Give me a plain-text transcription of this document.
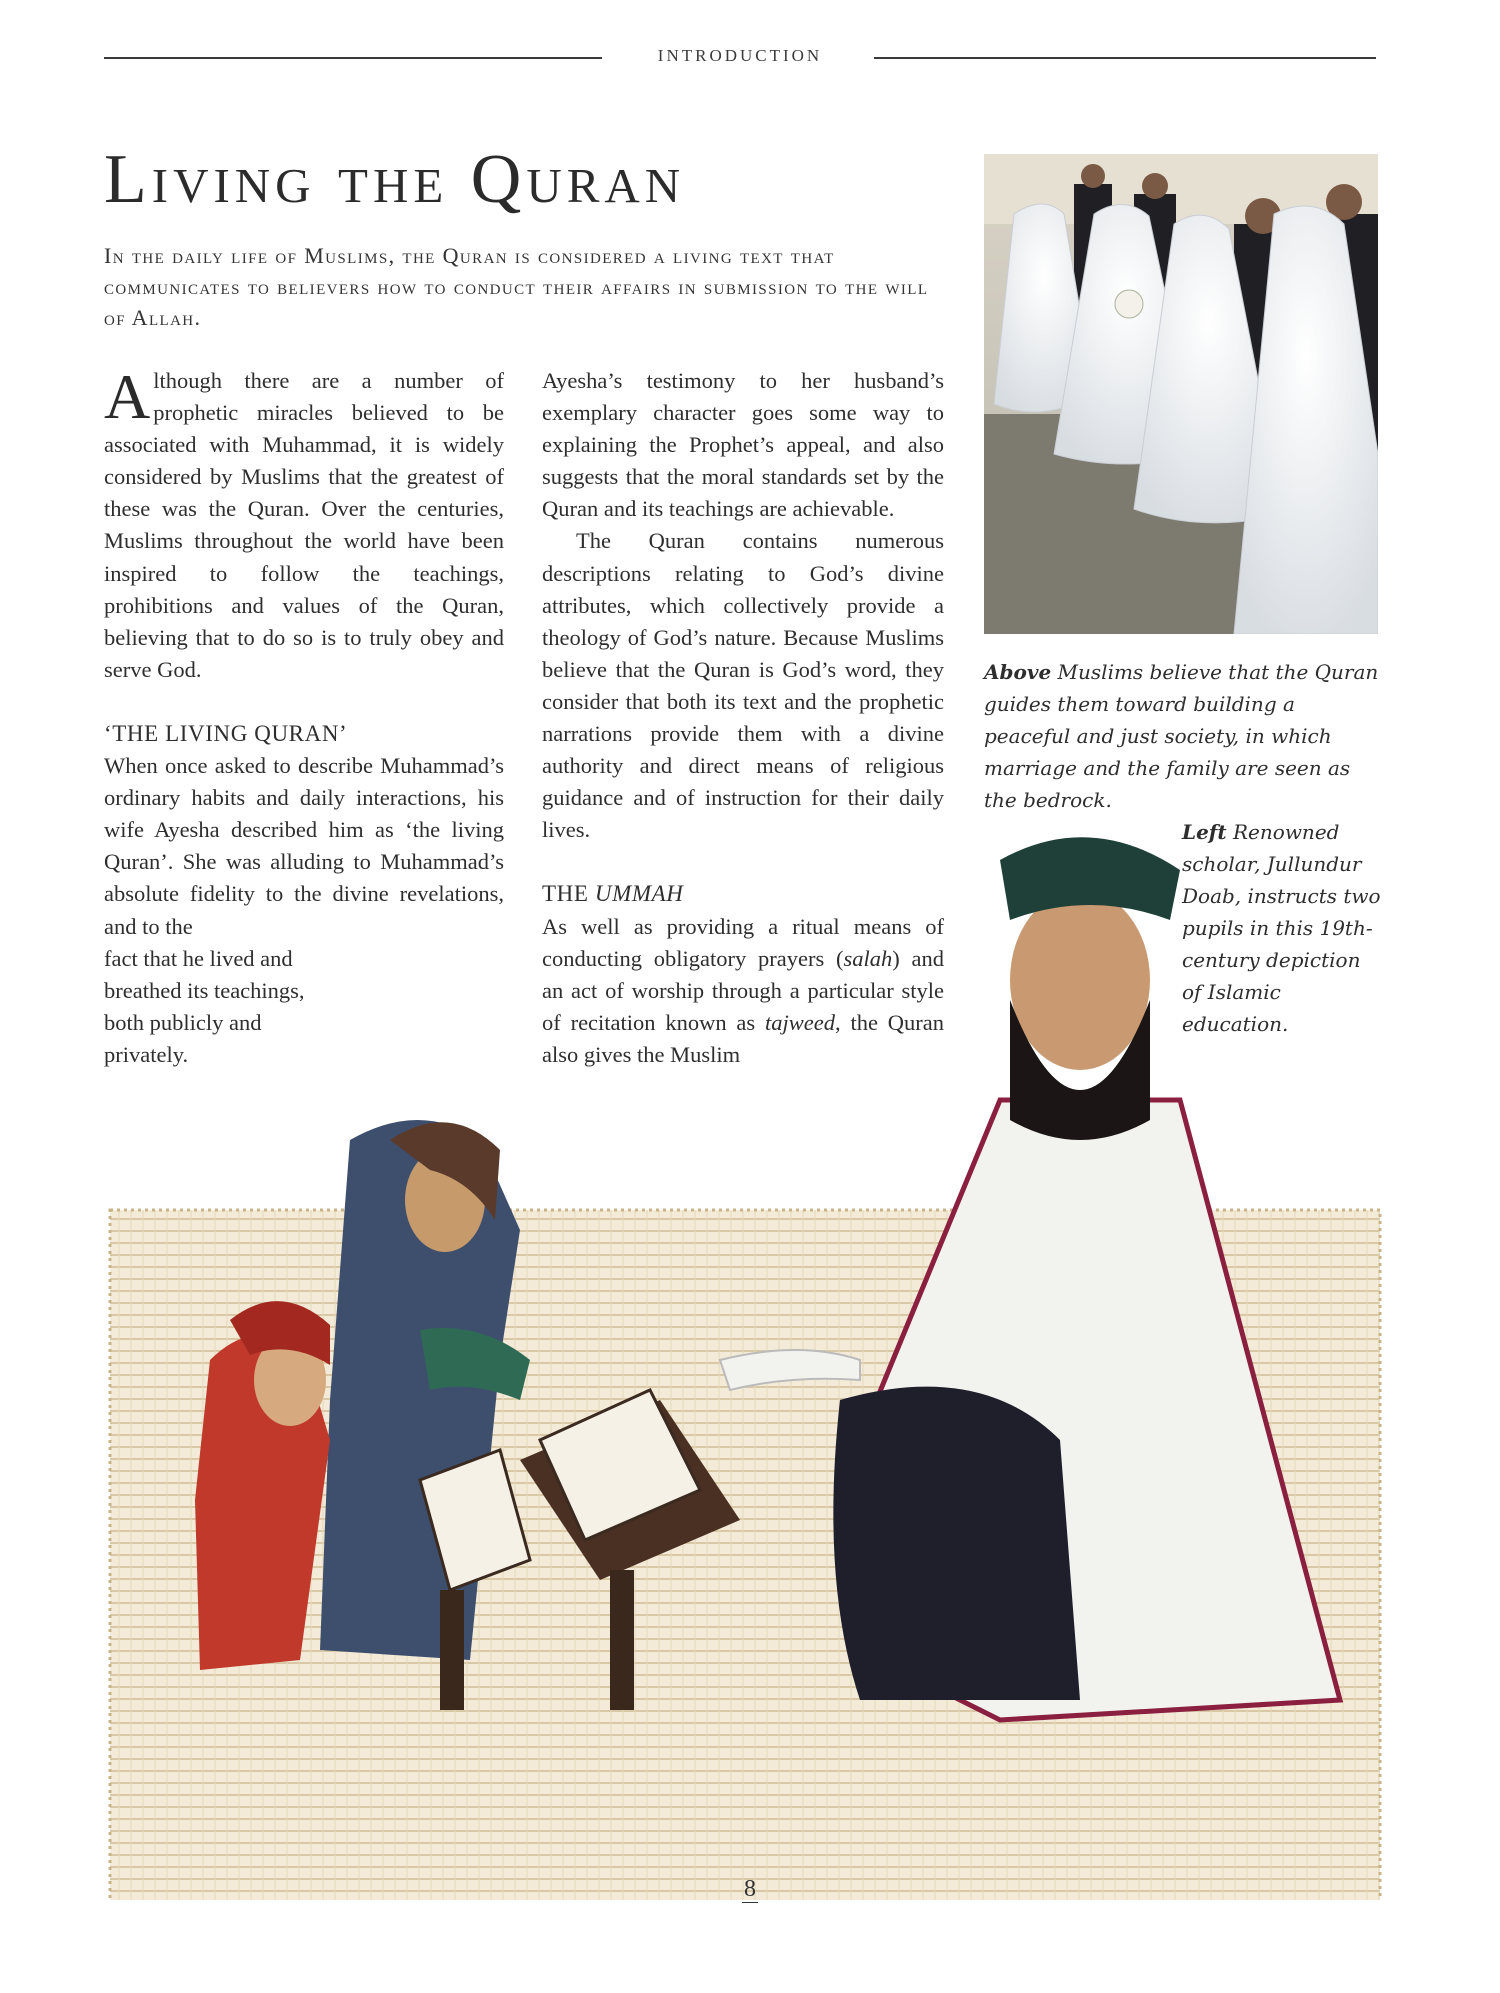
INTRODUCTION
Living the Quran

In the daily life of Muslims, the Quran is considered a living text that communicates to believers how to conduct their affairs in submission to the will of Allah.

Although there are a number of prophetic miracles believed to be associated with Muhammad, it is widely considered by Muslims that the greatest of these was the Quran. Over the centuries, Muslims throughout the world have been inspired to follow the teachings, prohibitions and values of the Quran, believing that to do so is to truly obey and serve God.

‘THE LIVING QURAN’

When once asked to describe Muhammad’s ordinary habits and daily interactions, his wife Ayesha described him as ‘the living Quran’. She was alluding to Muhammad’s absolute fidelity to the divine revelations, and to the

fact that he lived and breathed its teachings, both publicly and privately.

Ayesha’s testimony to her husband’s exemplary character goes some way to explaining the Prophet’s appeal, and also suggests that the moral standards set by the Quran and its teachings are achievable.

The Quran contains numerous descriptions relating to God’s divine attributes, which collectively provide a theology of God’s nature. Because Muslims believe that the Quran is God’s word, they consider that both its text and the prophetic narrations provide them with a divine authority and direct means of religious guidance and of instruction for their daily lives.

THE UMMAH

As well as providing a ritual means of conducting obligatory prayers (salah) and an act of worship through a particular style of recitation known as tajweed, the Quran also gives the Muslim

Above Muslims believe that the Quran guides them toward building a peaceful and just society, in which marriage and the family are seen as the bedrock.
Left Renowned scholar, Jullundur Doab, instructs two pupils in this 19th-century depiction of Islamic education.
8
